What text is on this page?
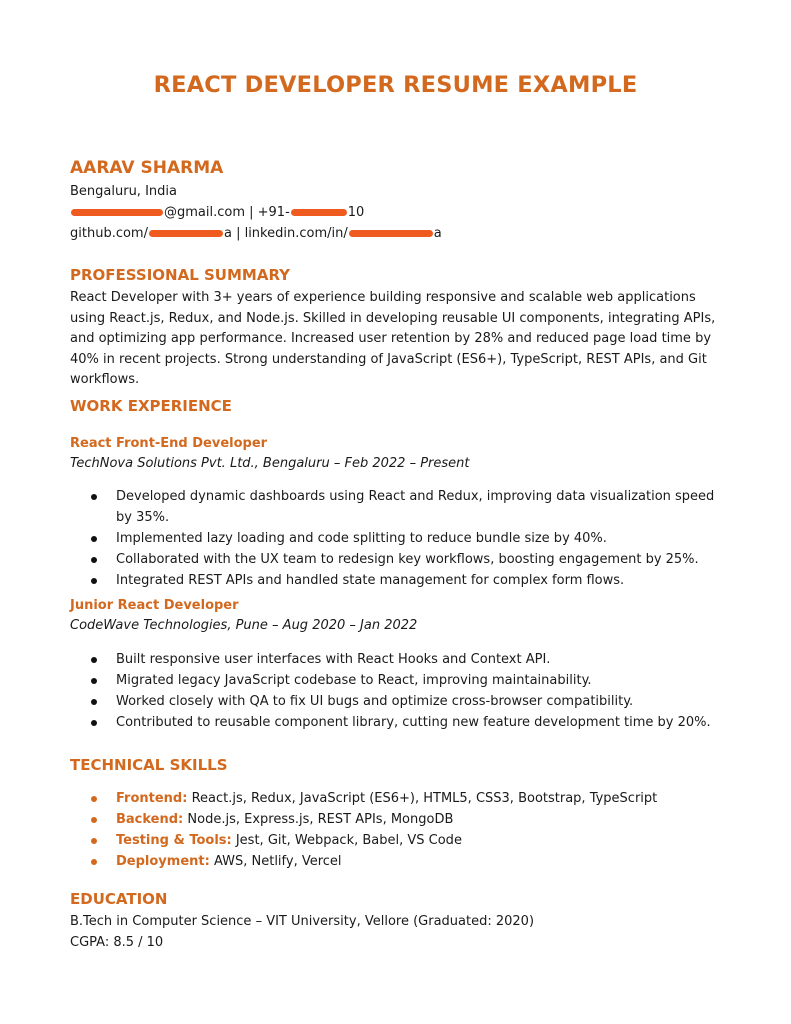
REACT DEVELOPER RESUME EXAMPLE
AARAV SHARMA
Bengaluru, India
@gmail.com | +91-	10
github.com/	a | linkedin.com/in/	a
PROFESSIONAL SUMMARY
React Developer with 3+ years of experience building responsive and scalable web applications using React.js, Redux, and Node.js. Skilled in developing reusable UI components, integrating APIs, and optimizing app performance. Increased user retention by 28% and reduced page load time by 40% in recent projects. Strong understanding of JavaScript (ES6+), TypeScript, REST APIs, and Git workflows.
WORK EXPERIENCE
React Front-End Developer
TechNova Solutions Pvt. Ltd., Bengaluru – Feb 2022 – Present
Developed dynamic dashboards using React and Redux, improving data visualization speed by 35%.
Implemented lazy loading and code splitting to reduce bundle size by 40%.
Collaborated with the UX team to redesign key workflows, boosting engagement by 25%.
Integrated REST APIs and handled state management for complex form flows.
Junior React Developer
CodeWave Technologies, Pune – Aug 2020 – Jan 2022
Built responsive user interfaces with React Hooks and Context API.
Migrated legacy JavaScript codebase to React, improving maintainability.
Worked closely with QA to fix UI bugs and optimize cross-browser compatibility.
Contributed to reusable component library, cutting new feature development time by 20%.
TECHNICAL SKILLS
Frontend: React.js, Redux, JavaScript (ES6+), HTML5, CSS3, Bootstrap, TypeScript
Backend: Node.js, Express.js, REST APIs, MongoDB
Testing & Tools: Jest, Git, Webpack, Babel, VS Code
Deployment: AWS, Netlify, Vercel
EDUCATION
B.Tech in Computer Science – VIT University, Vellore (Graduated: 2020)
CGPA: 8.5 / 10
